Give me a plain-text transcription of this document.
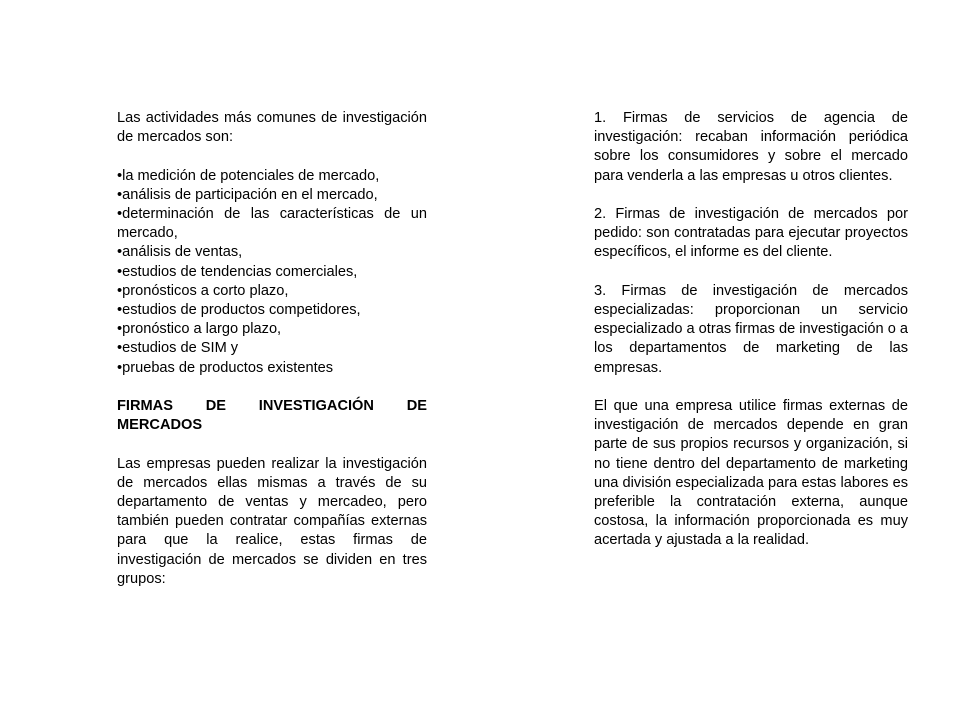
Las actividades más comunes de investigación de mercados son:

•la medición de potenciales de mercado,
•análisis de participación en el mercado,
•determinación de las características de un mercado,
•análisis de ventas,
•estudios de tendencias comerciales,
•pronósticos a corto plazo,
•estudios de productos competidores,
•pronóstico a largo plazo,
•estudios de SIM y
•pruebas de productos existentes

FIRMAS DE INVESTIGACIÓN DE MERCADOS

Las empresas pueden realizar la investigación de mercados ellas mismas a través de su departamento de ventas y mercadeo, pero también pueden contratar compañías externas para que la realice, estas firmas de investigación de mercados se dividen en tres grupos:

1. Firmas de servicios de agencia de investigación: recaban información periódica sobre los consumidores y sobre el mercado para venderla a las empresas u otros clientes.

2. Firmas de investigación de mercados por pedido: son contratadas para ejecutar proyectos específicos, el informe es del cliente.

3. Firmas de investigación de mercados especializadas: proporcionan un servicio especializado a otras firmas de investigación o a los departamentos de marketing de las empresas.

El que una empresa utilice firmas externas de investigación de mercados depende en gran parte de sus propios recursos y organización, si no tiene dentro del departamento de marketing una división especializada para estas labores es preferible la contratación externa, aunque costosa, la información proporcionada es muy acertada y ajustada a la realidad.
